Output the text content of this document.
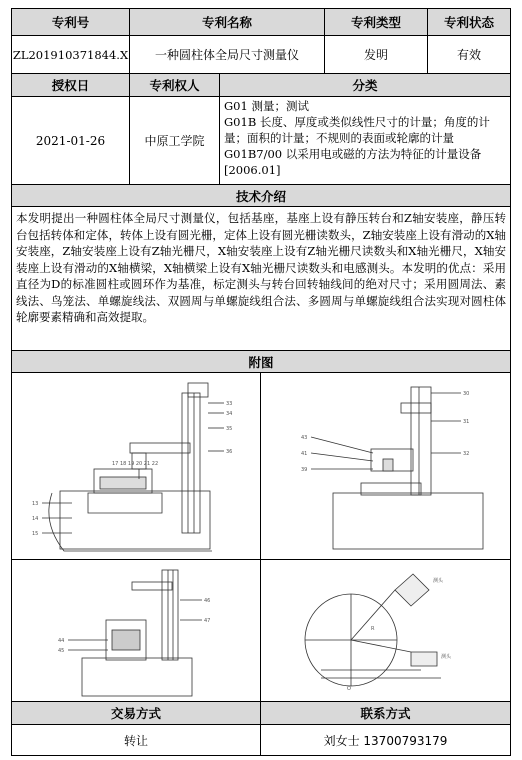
专利号	专利名称	专利类型	专利状态
ZL201910371844.X	一种圆柱体全局尺寸测量仪	发明	有效
授权日	专利权人	分类
2021-01-26	中原工学院
G01 测量；测试
G01B 长度、厚度或类似线性尺寸的计量；角度的计量；面积的计量；不规则的表面或轮廓的计量
G01B7/00 以采用电或磁的方法为特征的计量设备[2006.01]
技术介绍
本发明提出一种圆柱体全局尺寸测量仪，包括基座，基座上设有静压转台和Z轴安装座，静压转台包括转体和定体，转体上设有圆光栅，定体上设有圆光栅读数头，Z轴安装座上设有滑动的X轴安装座，Z轴安装座上设有Z轴光栅尺，X轴安装座上设有Z轴光栅尺读数头和X轴光栅尺，X轴安装座上设有滑动的X轴横梁，X轴横梁上设有X轴光栅尺读数头和电感测头。本发明的优点：采用直径为D的标准圆柱或圆环作为基准，标定测头与转台回转轴线间的绝对尺寸；采用圆周法、素线法、鸟笼法、单螺旋线法、双圆周与单螺旋线组合法、多圆周与单螺旋线组合法实现对圆柱体轮廓要素精确和高效提取。
附图
33
34
35
36
13
14
15
17 18 19 20 21 22
43
41
39
30
31
32
44
45
46
47
测头
测头
O
R
交易方式	联系方式
转让	刘女士 13700793179
